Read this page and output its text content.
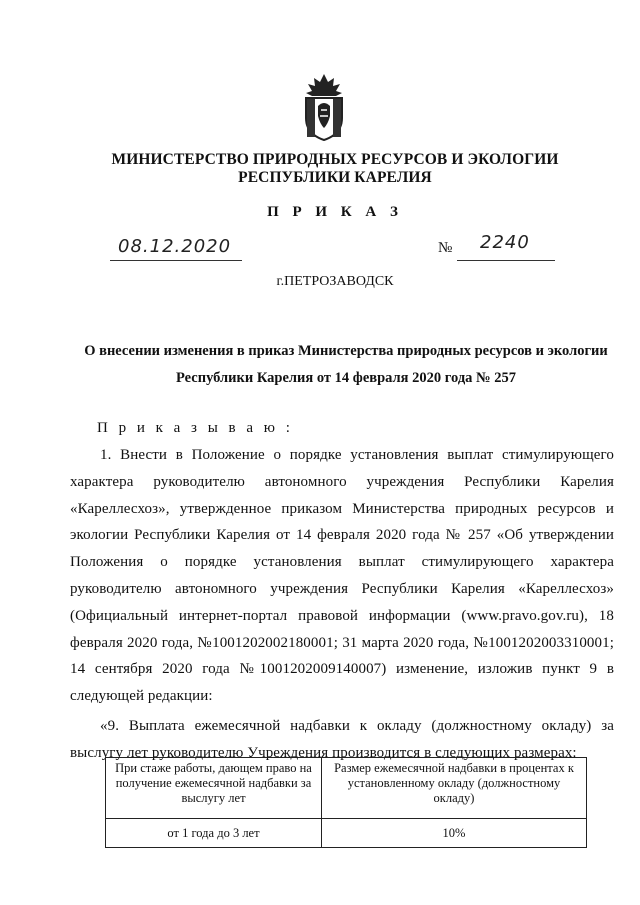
МИНИСТЕРСТВО ПРИРОДНЫХ РЕСУРСОВ И ЭКОЛОГИИ
РЕСПУБЛИКИ КАРЕЛИЯ
П Р И К А З
08.12.2020	№ 2240
г.ПЕТРОЗАВОДСК
О внесении изменения в приказ Министерства природных ресурсов и экологии
Республики Карелия от 14 февраля 2020 года № 257
П р и к а з ы в а ю :

1. Внести в Положение о порядке установления выплат стимулирующего характера руководителю автономного учреждения Республики Карелия «Кареллесхоз», утвержденное приказом Министерства природных ресурсов и экологии Республики Карелия от 14 февраля 2020 года № 257 «Об утверждении Положения о порядке установления выплат стимулирующего характера руководителю автономного учреждения Республики Карелия «Кареллесхоз» (Официальный интернет-портал правовой информации (www.pravo.gov.ru), 18 февраля 2020 года, №1001202002180001; 31 марта 2020 года, №1001202003310001; 14 сентября 2020 года №1001202009140007) изменение, изложив пункт 9 в следующей редакции:

«9. Выплата ежемесячной надбавки к окладу (должностному окладу) за выслугу лет руководителю Учреждения производится в следующих размерах:

При стаже работы, дающем право на получение ежемесячной надбавки за выслугу лет	Размер ежемесячной надбавки в процентах к установленному окладу (должностному окладу)
от 1 года до 3 лет	10%
